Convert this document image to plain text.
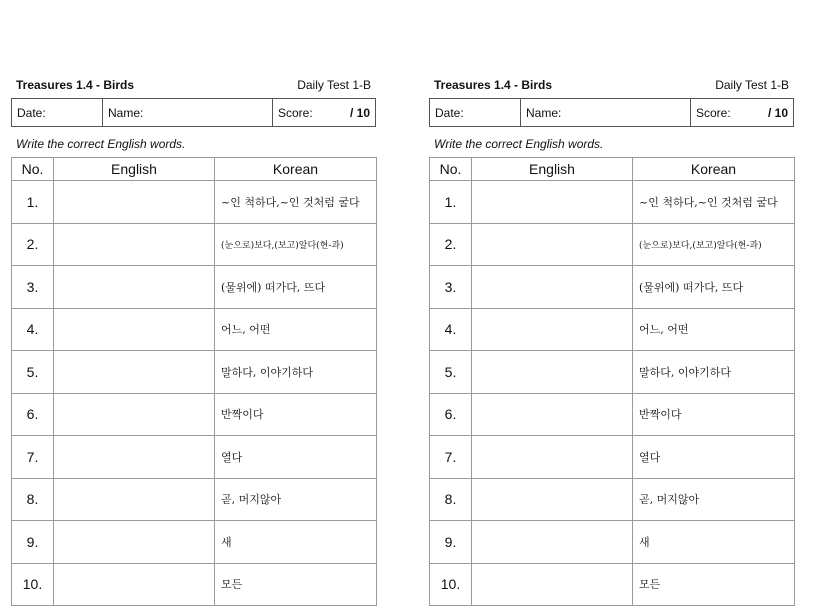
Treasures 1.4 - Birds	Daily Test 1-B
Date:	Name:	Score:	/ 10
Write the correct English words.
No.	English	Korean
1.		~인 척하다,~인 것처럼 굴다
2.		(눈으로)보다,(보고)알다(현-과)
3.		(물위에) 떠가다, 뜨다
4.		어느, 어떤
5.		말하다, 이야기하다
6.		반짝이다
7.		열다
8.		곧, 머지않아
9.		새
10.		모든
Treasures 1.4 - Birds	Daily Test 1-B
Date:	Name:	Score:	/ 10
Write the correct English words.
No.	English	Korean
1.		~인 척하다,~인 것처럼 굴다
2.		(눈으로)보다,(보고)알다(현-과)
3.		(물위에) 떠가다, 뜨다
4.		어느, 어떤
5.		말하다, 이야기하다
6.		반짝이다
7.		열다
8.		곧, 머지않아
9.		새
10.		모든
